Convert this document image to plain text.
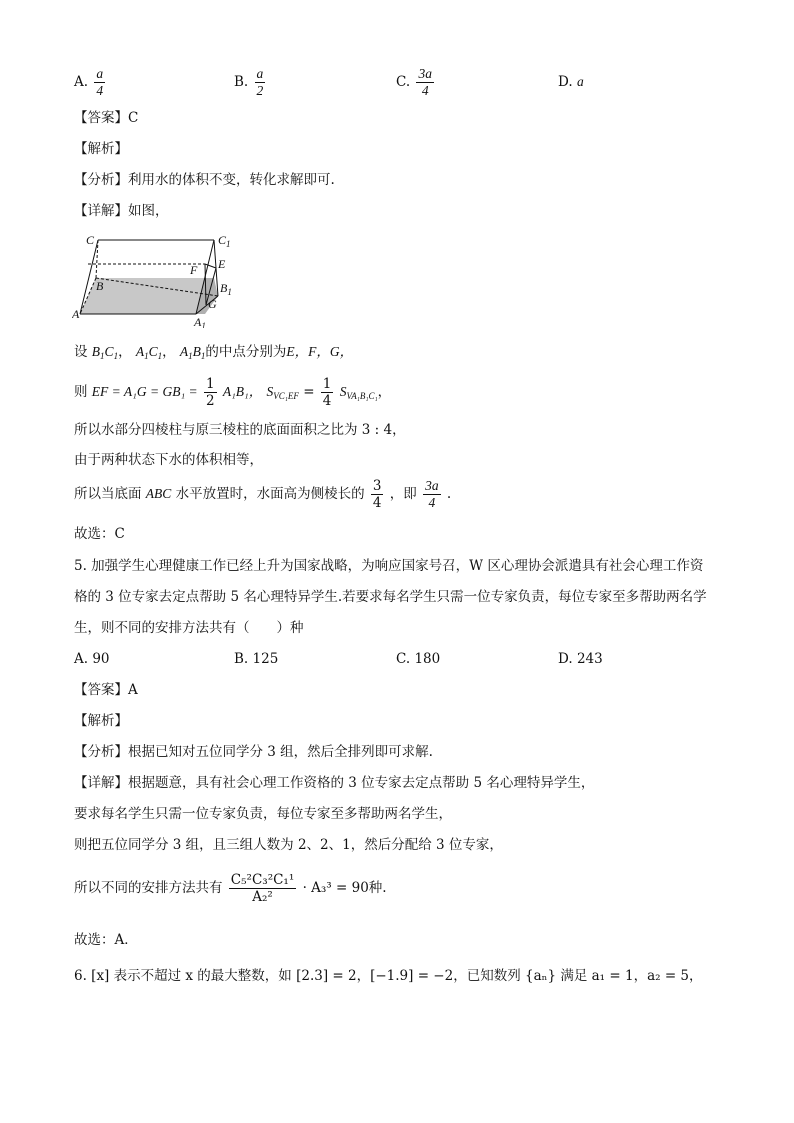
A. $\frac{a}{4}$	B. $\frac{a}{2}$	C. $\frac{3a}{4}$	D. a
【答案】C
【解析】
【分析】利用水的体积不变，转化求解即可.
【详解】如图，
C	$C_1$
E
F
B	$B_1$
A
G
$A_1$
设 $B_1C_1$， $A_1C_1$， $A_1B_1$的中点分别为E，F，G，
则 EF = $A_1G = GB_1 = \frac{1}{2} A_1B_1$， $S_{VC_1EF} = \frac{1}{4} S_{VA_1B_1C_1}$，
所以水部分四棱柱与原三棱柱的底面面积之比为 3 : 4，
由于两种状态下水的体积相等，
所以当底面 ABC 水平放置时，水面高为侧棱长的 $\frac{3}{4}$ ，即 $\frac{3a}{4}$ .
故选：C
5. 加强学生心理健康工作已经上升为国家战略，为响应国家号召，W 区心理协会派遣具有社会心理工作资
格的 3 位专家去定点帮助 5 名心理特异学生.若要求每名学生只需一位专家负责，每位专家至多帮助两名学
生，则不同的安排方法共有（　　）种
A. 90	B. 125	C. 180	D. 243
【答案】A
【解析】
【分析】根据已知对五位同学分 3 组，然后全排列即可求解.
【详解】根据题意，具有社会心理工作资格的 3 位专家去定点帮助 5 名心理特异学生，
要求每名学生只需一位专家负责，每位专家至多帮助两名学生，
则把五位同学分 3 组，且三组人数为 2、2、1，然后分配给 3 位专家，
所以不同的安排方法共有 $\frac{\text{C₅²C₃²C₁¹}}{\text{A₂²}} \cdot A_3^3 = 90$种.
故选：A．
6. [x] 表示不超过 x 的最大整数，如 [2.3] = 2，[−1.9] = −2，已知数列 {aₙ} 满足 a₁ = 1，a₂ = 5，
